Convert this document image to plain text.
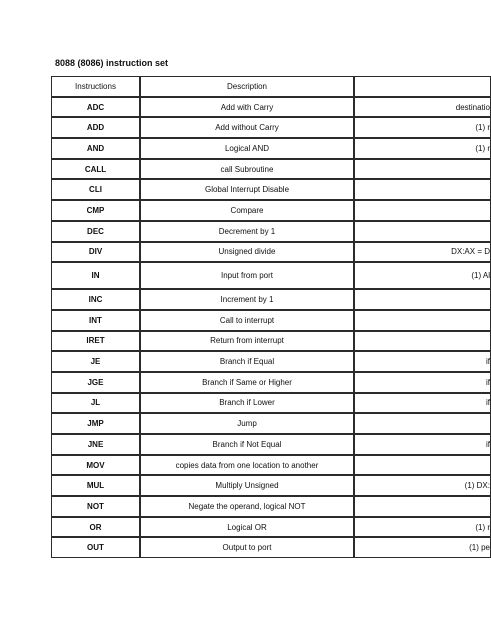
8088 (8086) instruction set
Instructions	Description	
ADC	Add with Carry	destinatio
ADD	Add without Carry	(1) r
AND	Logical AND	(1) r
CALL	call Subroutine	
CLI	Global Interrupt Disable	
CMP	Compare	
DEC	Decrement by 1	
DIV	Unsigned divide	DX:AX = D
IN	Input from port	(1) Al
INC	Increment by 1	
INT	Call to interrupt	
IRET	Return from interrupt	
JE	Branch if Equal	if
JGE	Branch if Same or Higher	if
JL	Branch if Lower	if
JMP	Jump	
JNE	Branch if Not Equal	if
MOV	copies data from one location to another	
MUL	Multiply Unsigned	(1) DX:
NOT	Negate the operand, logical NOT	
OR	Logical OR	(1) r
OUT	Output to port	(1) pe
